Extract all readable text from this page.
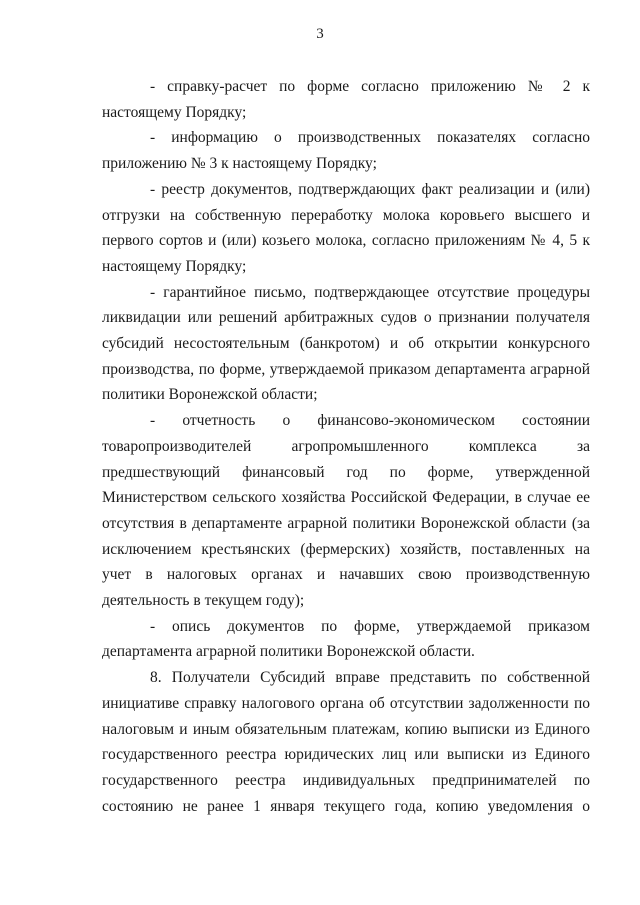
3

- справку-расчет по форме согласно приложению № 2 к настоящему Порядку;

- информацию о производственных показателях согласно приложению № 3 к настоящему Порядку;

- реестр документов, подтверждающих факт реализации и (или) отгрузки на собственную переработку молока коровьего высшего и первого сортов и (или) козьего молока, согласно приложениям № 4, 5 к настоящему Порядку;

- гарантийное письмо, подтверждающее отсутствие процедуры ликвидации или решений арбитражных судов о признании получателя субсидий несостоятельным (банкротом) и об открытии конкурсного производства, по форме, утверждаемой приказом департамента аграрной политики Воронежской области;

- отчетность о финансово-экономическом состоянии товаропроизводителей агропромышленного комплекса за предшествующий финансовый год по форме, утвержденной Министерством сельского хозяйства Российской Федерации, в случае ее отсутствия в департаменте аграрной политики Воронежской области (за исключением крестьянских (фермерских) хозяйств, поставленных на учет в налоговых органах и начавших свою производственную деятельность в текущем году);

- опись документов по форме, утверждаемой приказом департамента аграрной политики Воронежской области.

8. Получатели Субсидий вправе представить по собственной инициативе справку налогового органа об отсутствии задолженности по налоговым и иным обязательным платежам, копию выписки из Единого государственного реестра юридических лиц или выписки из Единого государственного реестра индивидуальных предпринимателей по состоянию не ранее 1 января текущего года, копию уведомления о
